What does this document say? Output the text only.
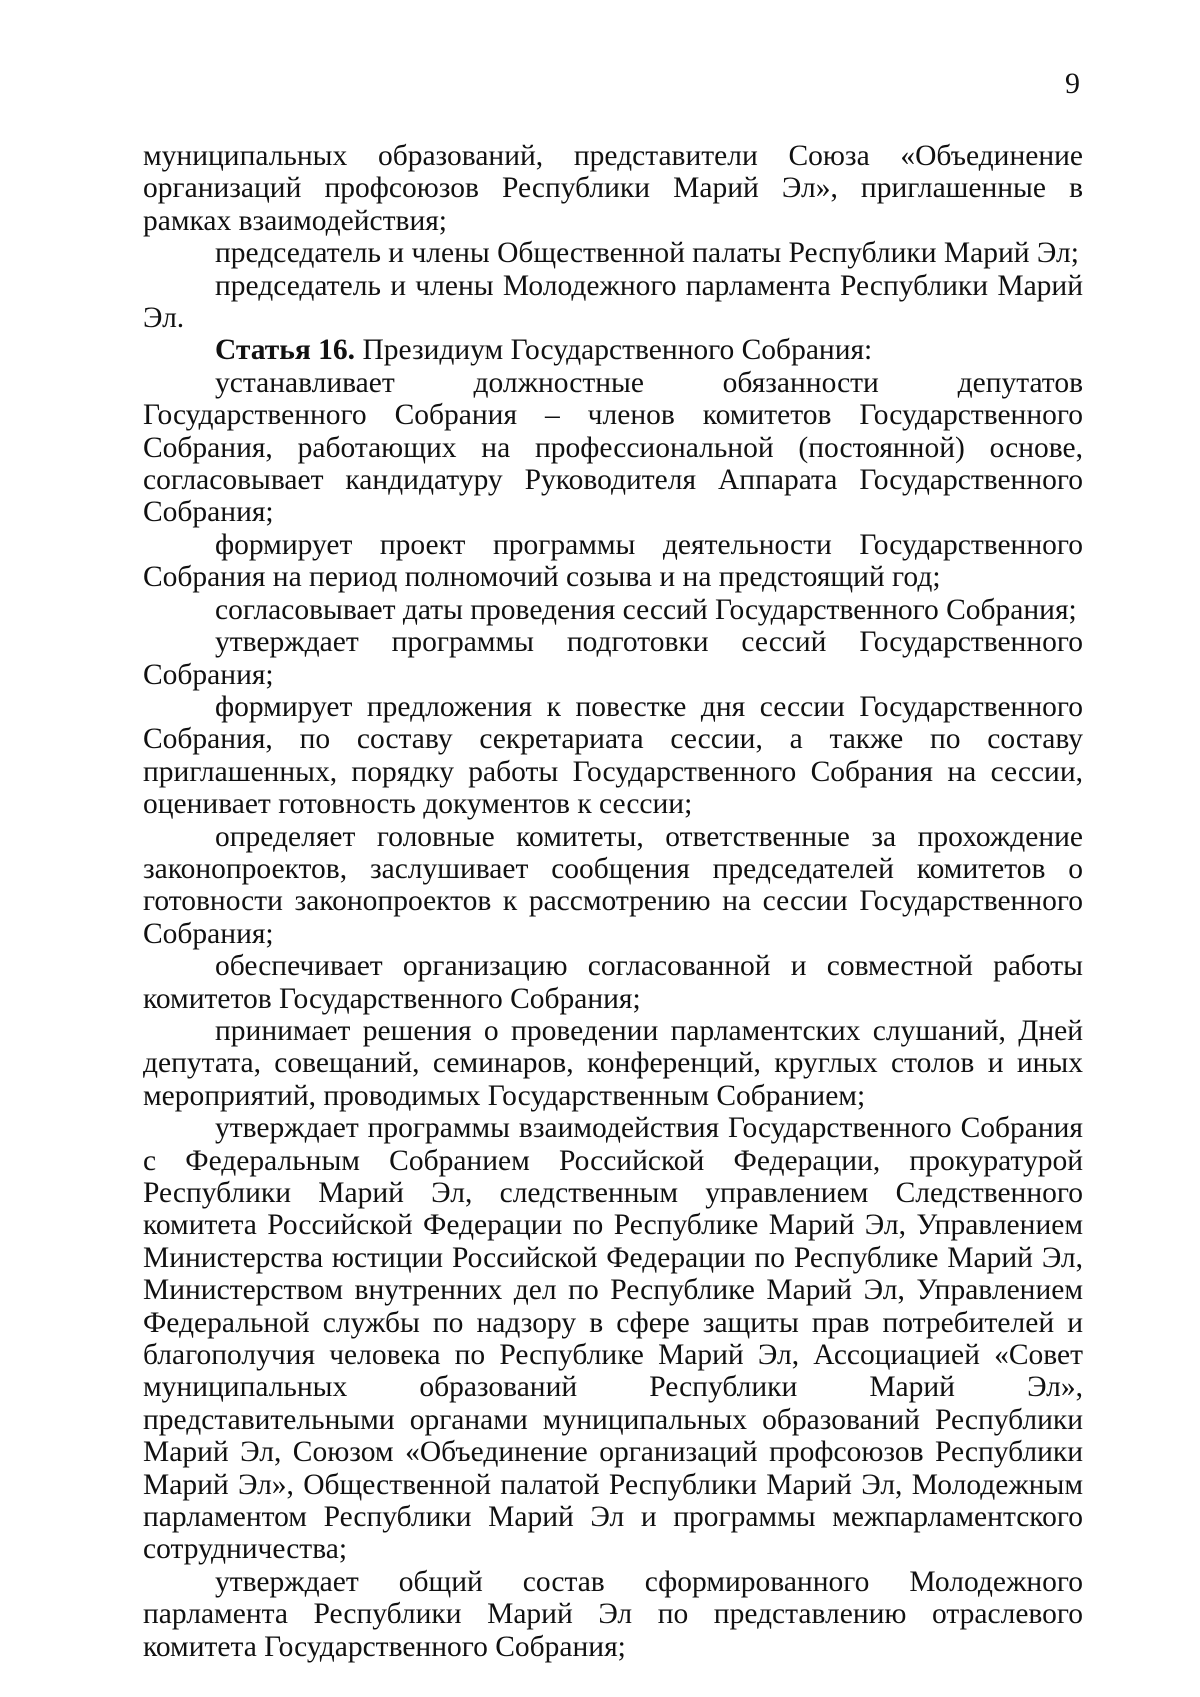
9

муниципальных образований, представители Союза «Объединение организаций профсоюзов Республики Марий Эл», приглашенные в рамках взаимодействия;

председатель и члены Общественной палаты Республики Марий Эл;

председатель и члены Молодежного парламента Республики Марий Эл.

Статья 16. Президиум Государственного Собрания:

устанавливает должностные обязанности депутатов Государственного Собрания – членов комитетов Государственного Собрания, работающих на профессиональной (постоянной) основе, согласовывает кандидатуру Руководителя Аппарата Государственного Собрания;

формирует проект программы деятельности Государственного Собрания на период полномочий созыва и на предстоящий год;

согласовывает даты проведения сессий Государственного Собрания;

утверждает программы подготовки сессий Государственного Собрания;

формирует предложения к повестке дня сессии Государственного Собрания, по составу секретариата сессии, а также по составу приглашенных, порядку работы Государственного Собрания на сессии, оценивает готовность документов к сессии;

определяет головные комитеты, ответственные за прохождение законопроектов, заслушивает сообщения председателей комитетов о готовности законопроектов к рассмотрению на сессии Государственного Собрания;

обеспечивает организацию согласованной и совместной работы комитетов Государственного Собрания;

принимает решения о проведении парламентских слушаний, Дней депутата, совещаний, семинаров, конференций, круглых столов и иных мероприятий, проводимых Государственным Собранием;

утверждает программы взаимодействия Государственного Собрания с Федеральным Собранием Российской Федерации, прокуратурой Республики Марий Эл, следственным управлением Следственного комитета Российской Федерации по Республике Марий Эл, Управлением Министерства юстиции Российской Федерации по Республике Марий Эл, Министерством внутренних дел по Республике Марий Эл, Управлением Федеральной службы по надзору в сфере защиты прав потребителей и благополучия человека по Республике Марий Эл, Ассоциацией «Совет муниципальных образований Республики Марий Эл», представительными органами муниципальных образований Республики Марий Эл, Союзом «Объединение организаций профсоюзов Республики Марий Эл», Общественной палатой Республики Марий Эл, Молодежным парламентом Республики Марий Эл и программы межпарламентского сотрудничества;

утверждает общий состав сформированного Молодежного парламента Республики Марий Эл по представлению отраслевого комитета Государственного Собрания;
